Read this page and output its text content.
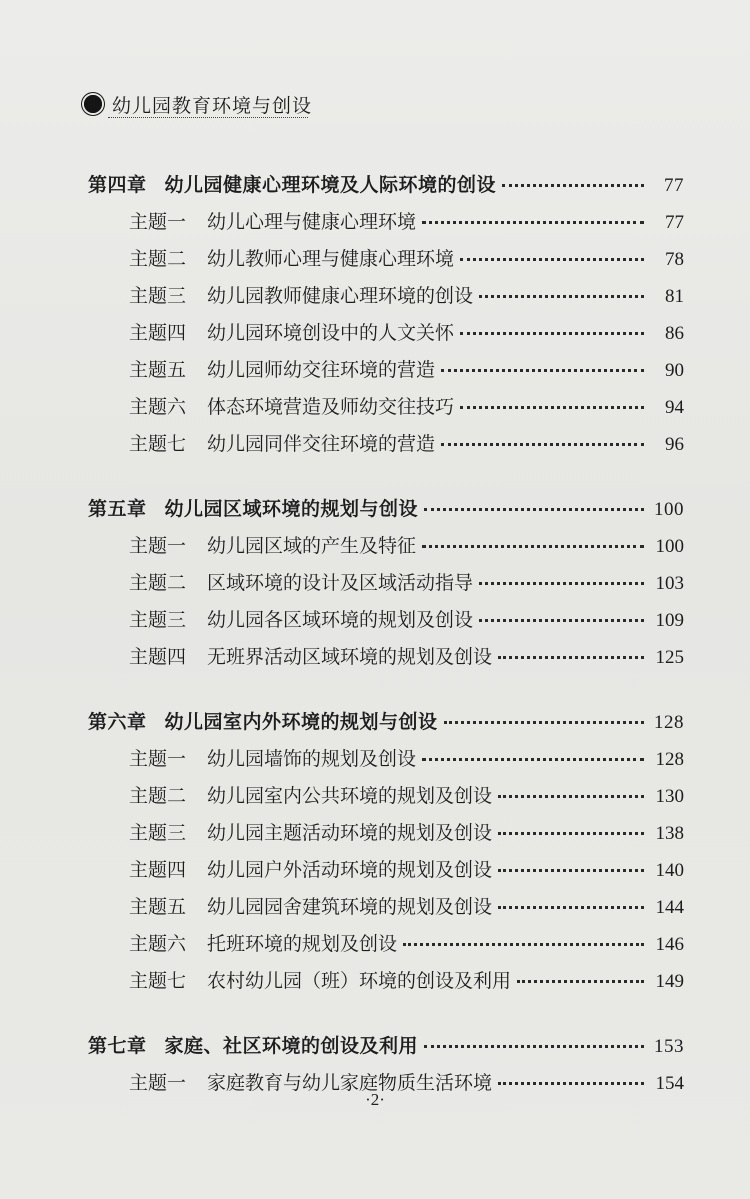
幼儿园教育环境与创设
第四章 幼儿园健康心理环境及人际环境的创设	77
主题一	幼儿心理与健康心理环境	77
主题二	幼儿教师心理与健康心理环境	78
主题三	幼儿园教师健康心理环境的创设	81
主题四	幼儿园环境创设中的人文关怀	86
主题五	幼儿园师幼交往环境的营造	90
主题六	体态环境营造及师幼交往技巧	94
主题七	幼儿园同伴交往环境的营造	96
第五章 幼儿园区域环境的规划与创设	100
主题一	幼儿园区域的产生及特征	100
主题二	区域环境的设计及区域活动指导	103
主题三	幼儿园各区域环境的规划及创设	109
主题四	无班界活动区域环境的规划及创设	125
第六章 幼儿园室内外环境的规划与创设	128
主题一	幼儿园墙饰的规划及创设	128
主题二	幼儿园室内公共环境的规划及创设	130
主题三	幼儿园主题活动环境的规划及创设	138
主题四	幼儿园户外活动环境的规划及创设	140
主题五	幼儿园园舍建筑环境的规划及创设	144
主题六	托班环境的规划及创设	146
主题七	农村幼儿园（班）环境的创设及利用	149
第七章 家庭、社区环境的创设及利用	153
主题一	家庭教育与幼儿家庭物质生活环境	154
·2·
